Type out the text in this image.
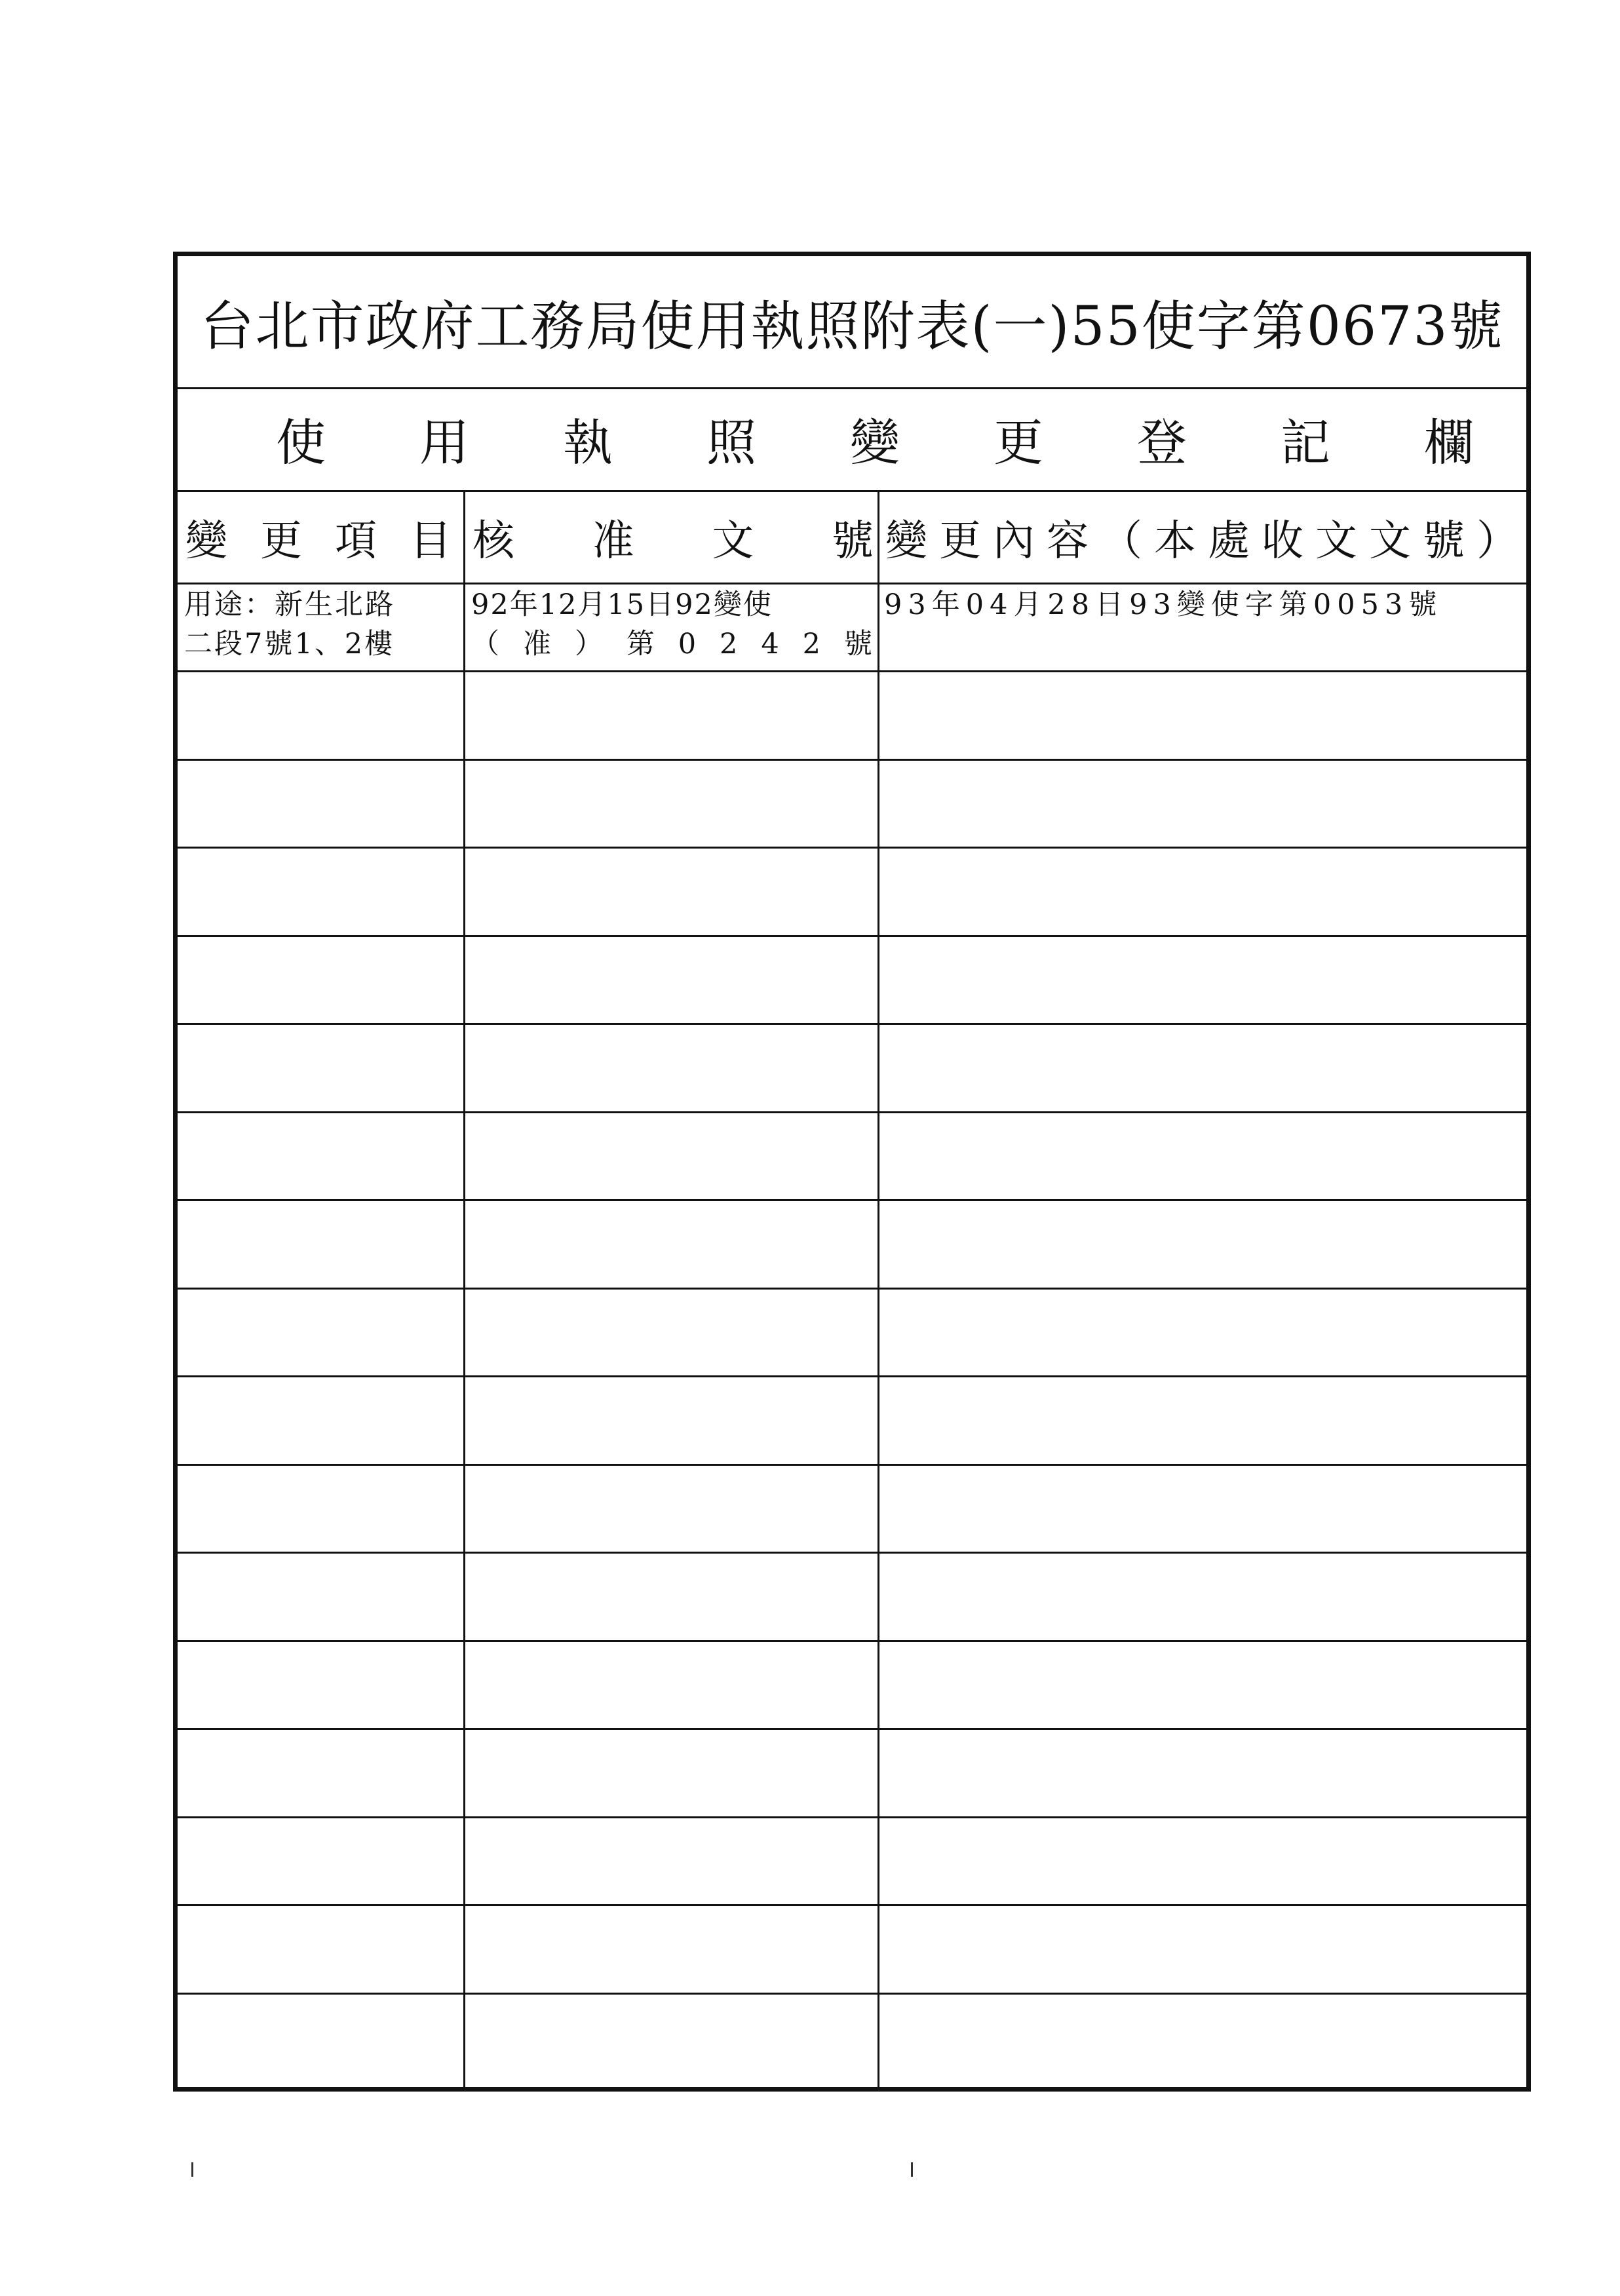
台北市政府工務局使用執照附表(一)55使字第0673號
使 用 執 照 變 更 登 記 欄
變 更 項 目 核 准 文 號 變更內容（本處收文文號）
用途：新生北路
二段7號1、2樓
92年12月15日92變使
（ 准 ） 第 0 2 4 2 號
93年04月28日93變使字第0053號
